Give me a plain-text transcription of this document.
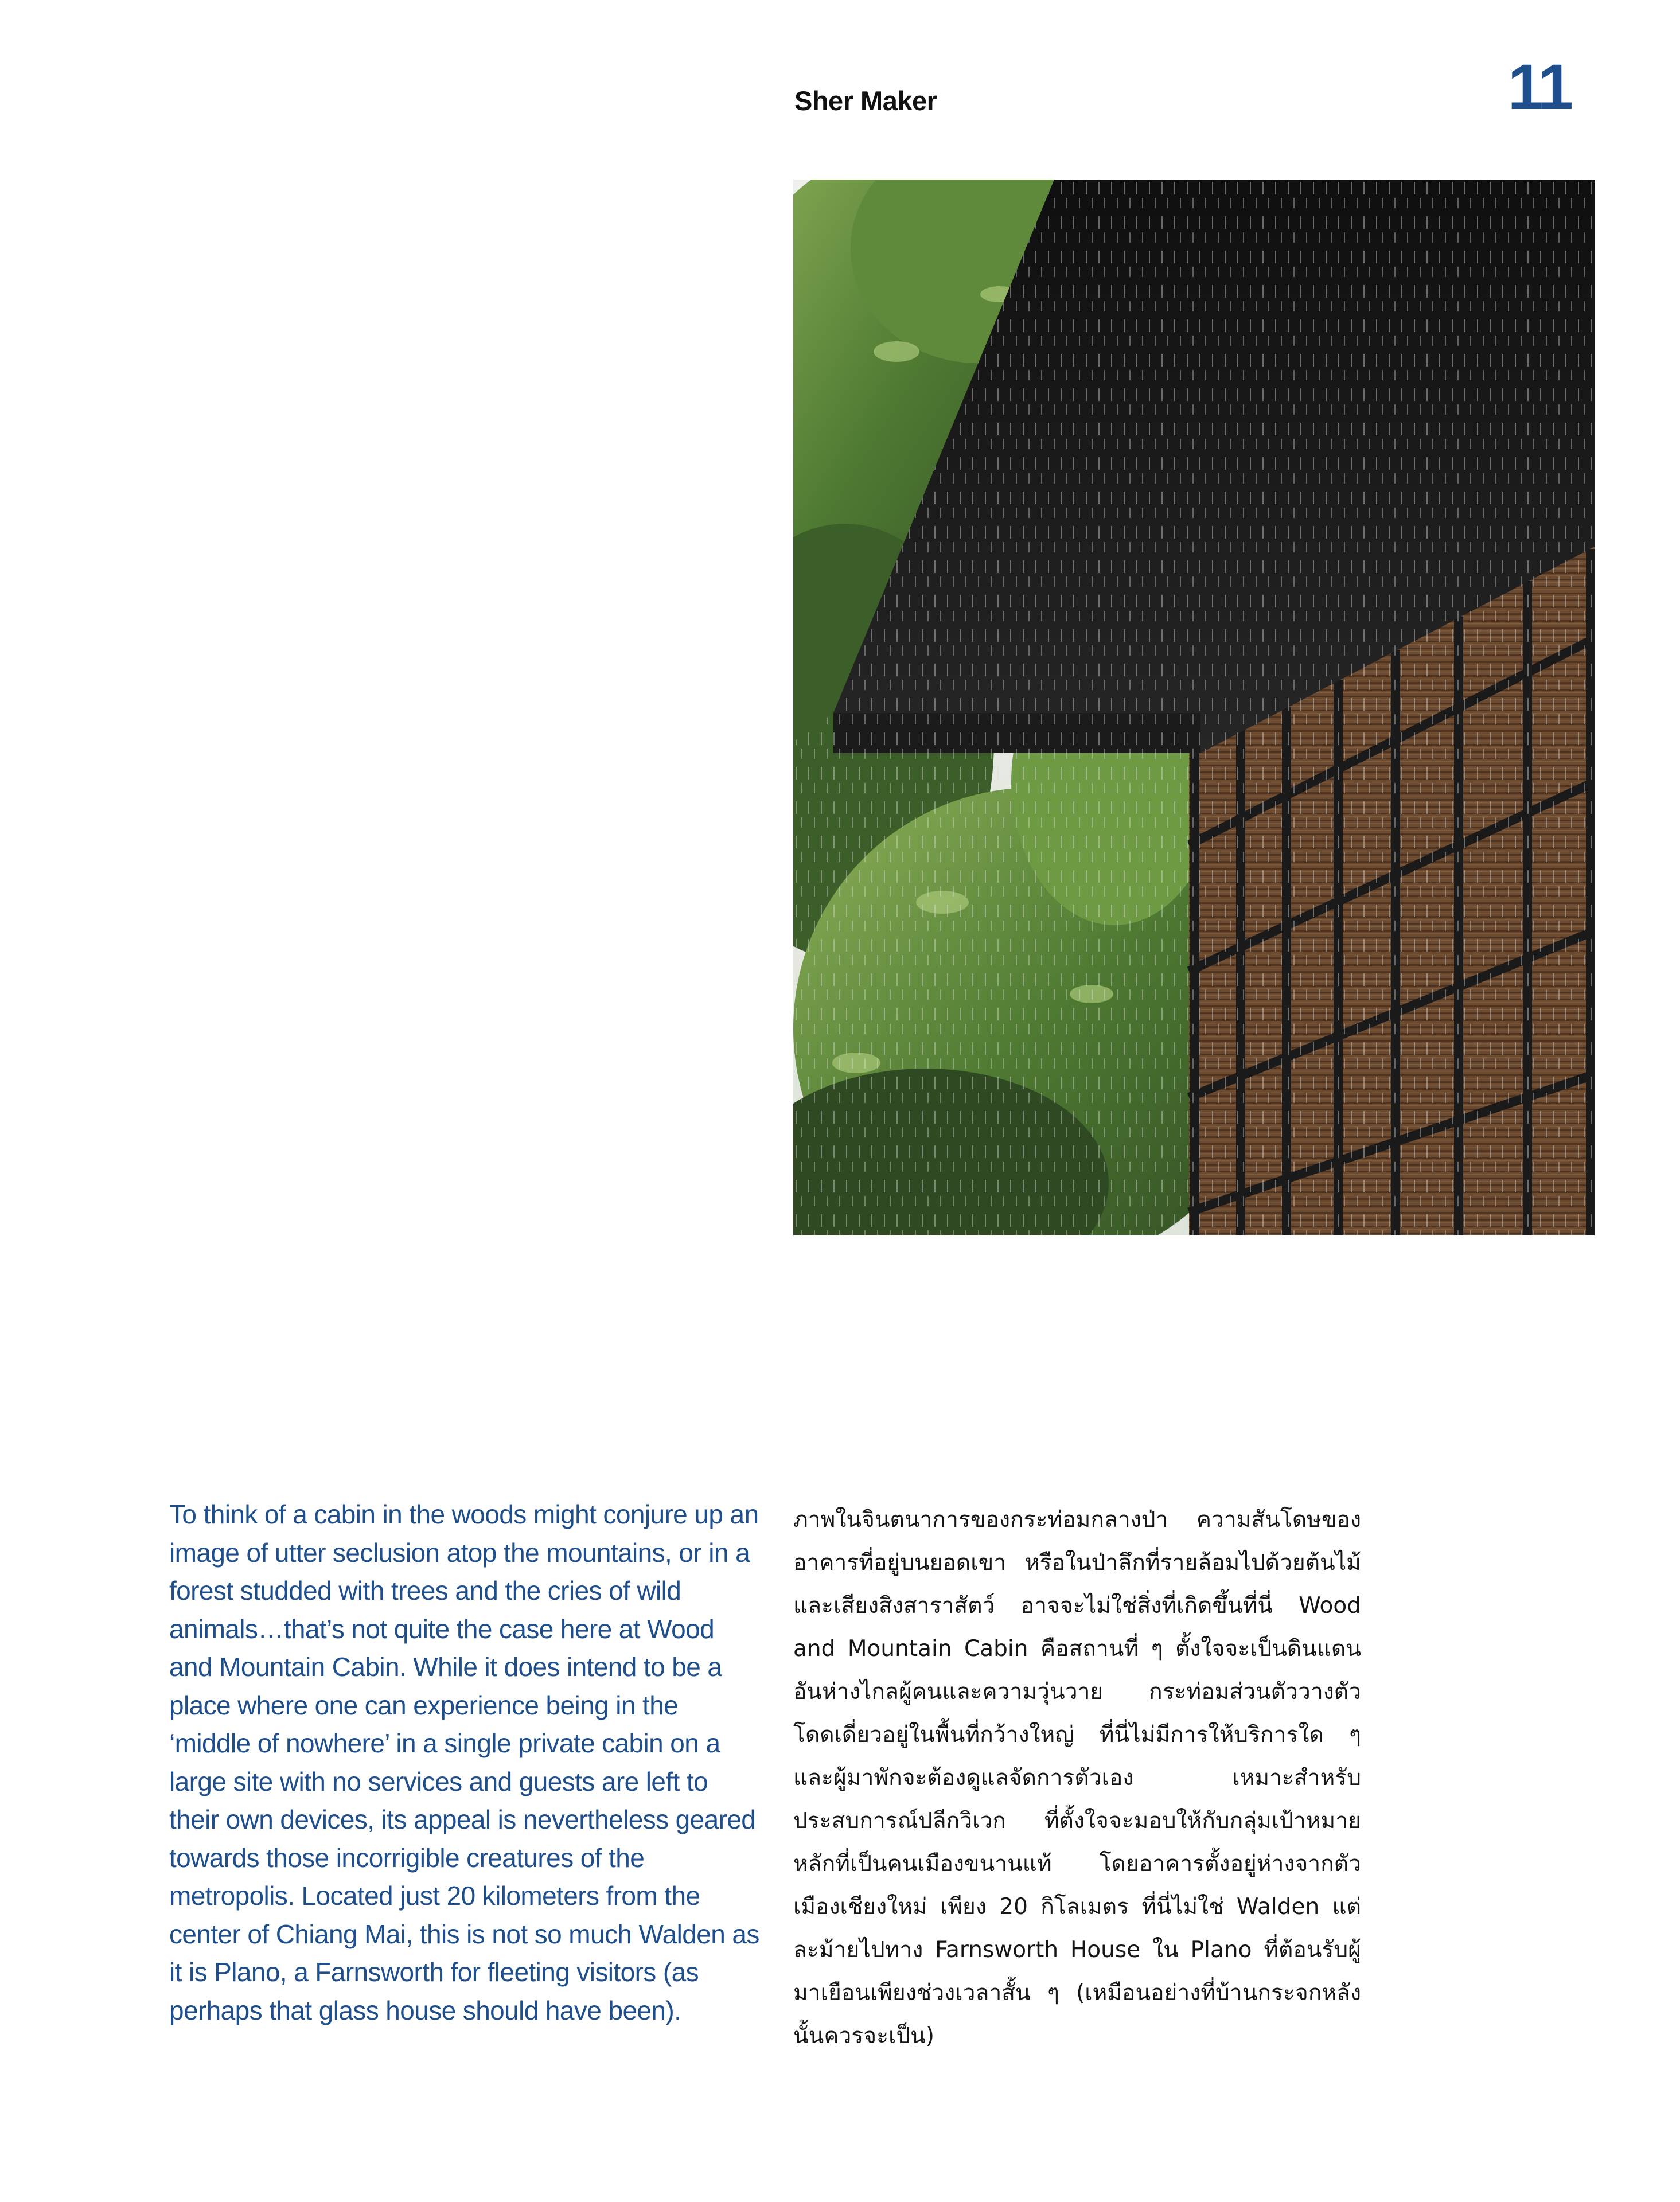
Sher Maker	11

To think of a cabin in the woods might conjure up an image of utter seclusion atop the mountains, or in a forest studded with trees and the cries of wild animals…that’s not quite the case here at Wood and Mountain Cabin. While it does intend to be a place where one can experience being in the ‘middle of nowhere’ in a single private cabin on a large site with no services and guests are left to their own devices, its appeal is nevertheless geared towards those incorrigible creatures of the metropolis. Located just 20 kilometers from the center of Chiang Mai, this is not so much Walden as it is Plano, a Farnsworth for fleeting visitors (as perhaps that glass house should have been).

ภาพในจินตนาการของกระท่อมกลางป่า ความสันโดษของอาคารที่อยู่บนยอดเขา หรือในป่าลึกที่รายล้อมไปด้วยต้นไม้และเสียงสิงสาราสัตว์ อาจจะไม่ใช่สิ่งที่เกิดขึ้นที่นี่ Wood and Mountain Cabin คือสถานที่ ๆ ตั้งใจจะเป็นดินแดนอันห่างไกลผู้คนและความวุ่นวาย กระท่อมส่วนตัววางตัวโดดเดี่ยวอยู่ในพื้นที่กว้างใหญ่ ที่นี่ไม่มีการให้บริการใด ๆ และผู้มาพักจะต้องดูแลจัดการตัวเอง เหมาะสำหรับประสบการณ์ปลีกวิเวก ที่ตั้งใจจะมอบให้กับกลุ่มเป้าหมายหลักที่เป็นคนเมืองขนานแท้ โดยอาคารตั้งอยู่ห่างจากตัวเมืองเชียงใหม่ เพียง 20 กิโลเมตร ที่นี่ไม่ใช่ Walden แต่ละม้ายไปทาง Farnsworth House ใน Plano ที่ต้อนรับผู้มาเยือนเพียงช่วงเวลาสั้น ๆ (เหมือนอย่างที่บ้านกระจกหลังนั้นควรจะเป็น)
